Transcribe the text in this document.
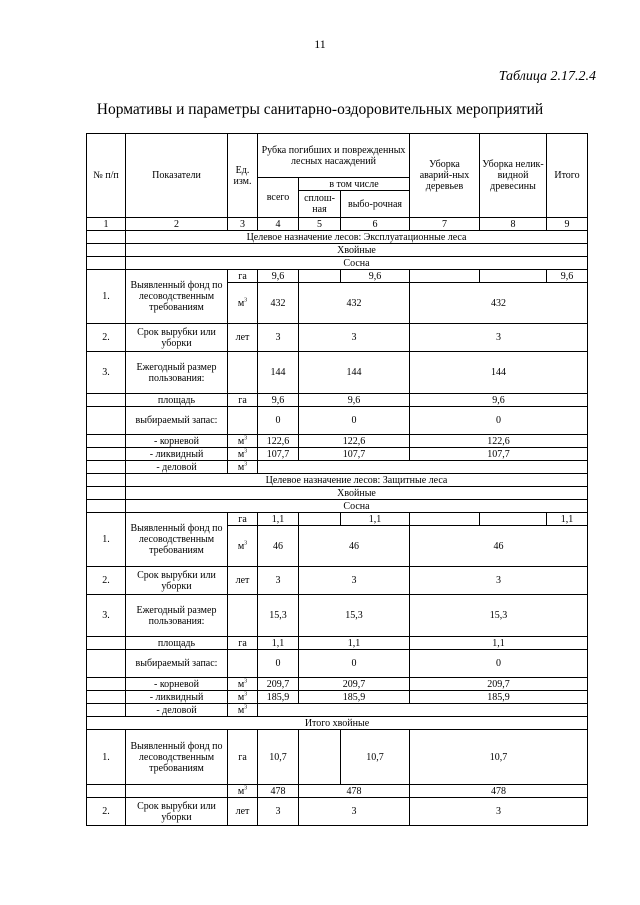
11
Таблица 2.17.2.4
Нормативы и параметры санитарно-оздоровительных мероприятий
№ п/п	Показатели	Ед. изм.	Рубка погибших и поврежденных лесных насаждений			Уборка аварий-ных деревьев	Уборка нелик-видной древесины	Итого
			всего	в том числе				
				сплош-ная	выбо-рочная			
1	2	3	4	5	6	7	8	9
	Целевое назначение лесов: Эксплуатационные леса							
	Хвойные							
	Сосна							
1.	Выявленный фонд по лесоводственным требованиям	га	9,6		9,6			9,6
		$м^3$	432	432		432		
2.	Срок вырубки или уборки	лет	3	3		3		
3.	Ежегодный размер пользования:		144	144		144		
	площадь	га	9,6	9,6		9,6		
	выбираемый запас:		0	0		0		
	- корневой	$м^3$	122,6	122,6		122,6		
	- ликвидный	$м^3$	107,7	107,7		107,7		
	- деловой	$м^3$	
	Целевое назначение лесов: Защитные леса							
	Хвойные							
	Сосна							
1.	Выявленный фонд по лесоводственным требованиям	га	1,1		1,1			1,1
		$м^3$	46	46		46		
2.	Срок вырубки или уборки	лет	3	3		3		
3.	Ежегодный размер пользования:		15,3	15,3		15,3		
	площадь	га	1,1	1,1		1,1		
	выбираемый запас:		0	0		0		
	- корневой	$м^3$	209,7	209,7		209,7		
	- ликвидный	$м^3$	185,9	185,9		185,9		
	- деловой	$м^3$	
Итого хвойные								
1.	Выявленный фонд по лесоводственным требованиям	га	10,7		10,7	10,7		
		$м^3$	478	478		478		
2.	Срок вырубки или уборки	лет	3	3		3		
